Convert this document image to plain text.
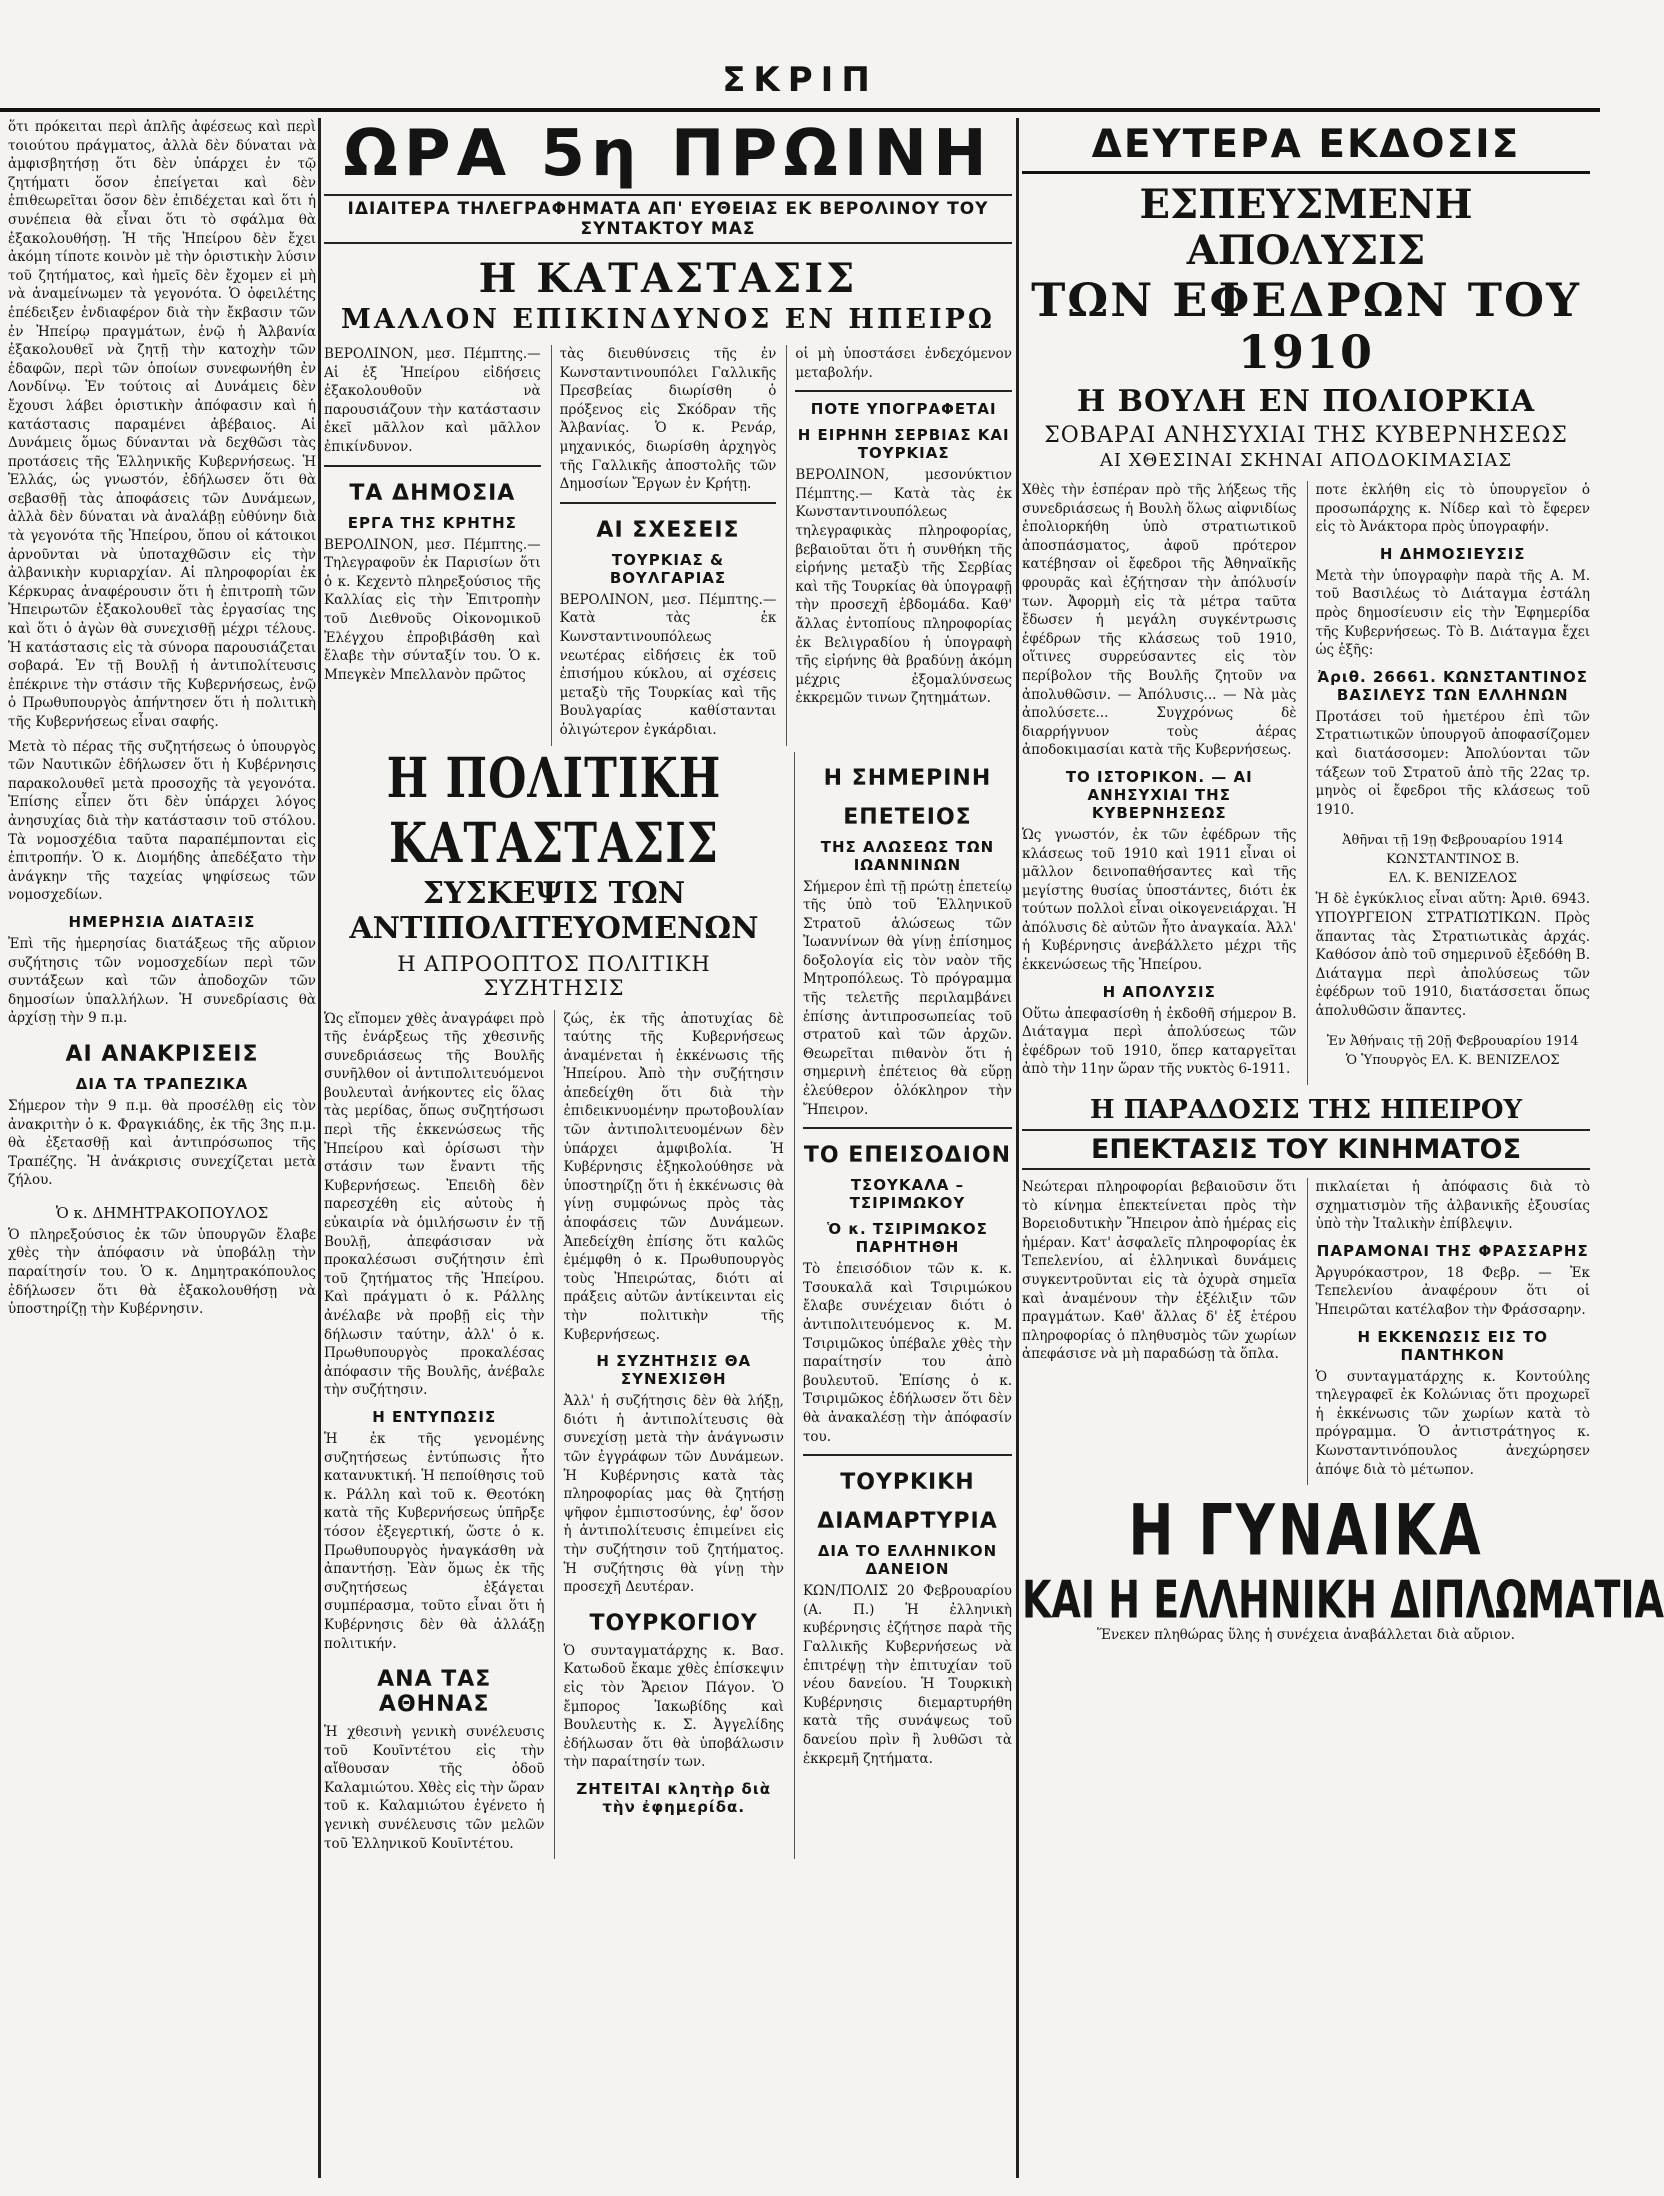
ΣΚΡΙΠ

ὅτι πρόκειται περὶ ἀπλῆς ἀφέσεως καὶ περὶ τοιούτου πράγματος, ἀλλὰ δὲν δύναται νὰ ἀμφισβητήσῃ ὅτι δὲν ὑπάρχει ἐν τῷ ζητήματι ὅσον ἐπείγεται καὶ δὲν ἐπιθεωρεῖται ὅσον δὲν ἐπιδέχεται καὶ ὅτι ἡ συνέπεια θὰ εἶναι ὅτι τὸ σφάλμα θὰ ἐξακολουθήσῃ. Ἡ τῆς Ἠπείρου δὲν ἔχει ἀκόμη τίποτε κοινὸν μὲ τὴν ὁριστικὴν λύσιν τοῦ ζητήματος, καὶ ἡμεῖς δὲν ἔχομεν εἰ μὴ νὰ ἀναμείνωμεν τὰ γεγονότα. Ὁ ὀφειλέτης ἐπέδειξεν ἐνδιαφέρον διὰ τὴν ἔκβασιν τῶν ἐν Ἠπείρῳ πραγμάτων, ἐνῷ ἡ Ἀλβανία ἐξακολουθεῖ νὰ ζητῇ τὴν κατοχὴν τῶν ἐδαφῶν, περὶ τῶν ὁποίων συνεφωνήθη ἐν Λονδίνῳ. Ἐν τούτοις αἱ Δυνάμεις δὲν ἔχουσι λάβει ὁριστικὴν ἀπόφασιν καὶ ἡ κατάστασις παραμένει ἀβέβαιος. Αἱ Δυνάμεις ὅμως δύνανται νὰ δεχθῶσι τὰς προτάσεις τῆς Ἑλληνικῆς Κυβερνήσεως. Ἡ Ἑλλάς, ὡς γνωστόν, ἐδήλωσεν ὅτι θὰ σεβασθῇ τὰς ἀποφάσεις τῶν Δυνάμεων, ἀλλὰ δὲν δύναται νὰ ἀναλάβῃ εὐθύνην διὰ τὰ γεγονότα τῆς Ἠπείρου, ὅπου οἱ κάτοικοι ἀρνοῦνται νὰ ὑποταχθῶσιν εἰς τὴν ἀλβανικὴν κυριαρχίαν. Αἱ πληροφορίαι ἐκ Κέρκυρας ἀναφέρουσιν ὅτι ἡ ἐπιτροπὴ τῶν Ἠπειρωτῶν ἐξακολουθεῖ τὰς ἐργασίας της καὶ ὅτι ὁ ἀγὼν θὰ συνεχισθῇ μέχρι τέλους. Ἡ κατάστασις εἰς τὰ σύνορα παρουσιάζεται σοβαρά. Ἐν τῇ Βουλῇ ἡ ἀντιπολίτευσις ἐπέκρινε τὴν στάσιν τῆς Κυβερνήσεως, ἐνῷ ὁ Πρωθυπουργὸς ἀπήντησεν ὅτι ἡ πολιτικὴ τῆς Κυβερνήσεως εἶναι σαφής.

Μετὰ τὸ πέρας τῆς συζητήσεως ὁ ὑπουργὸς τῶν Ναυτικῶν ἐδήλωσεν ὅτι ἡ Κυβέρνησις παρακολουθεῖ μετὰ προσοχῆς τὰ γεγονότα. Ἐπίσης εἶπεν ὅτι δὲν ὑπάρχει λόγος ἀνησυχίας διὰ τὴν κατάστασιν τοῦ στόλου. Τὰ νομοσχέδια ταῦτα παραπέμπονται εἰς ἐπιτροπήν. Ὁ κ. Διομήδης ἀπεδέξατο τὴν ἀνάγκην τῆς ταχείας ψηφίσεως τῶν νομοσχεδίων.

ΗΜΕΡΗΣΙΑ ΔΙΑΤΑΞΙΣ

Ἐπὶ τῆς ἡμερησίας διατάξεως τῆς αὔριον συζήτησις τῶν νομοσχεδίων περὶ τῶν συντάξεων καὶ τῶν ἀποδοχῶν τῶν δημοσίων ὑπαλλήλων. Ἡ συνεδρίασις θὰ ἀρχίσῃ τὴν 9 π.μ.

ΑΙ ΑΝΑΚΡΙΣΕΙΣ
ΔΙΑ ΤΑ ΤΡΑΠΕΖΙΚΑ

Σήμερον τὴν 9 π.μ. θὰ προσέλθῃ εἰς τὸν ἀνακριτὴν ὁ κ. Φραγκιάδης, ἐκ τῆς 3ης π.μ. θὰ ἐξετασθῇ καὶ ἀντιπρόσωπος τῆς Τραπέζης. Ἡ ἀνάκρισις συνεχίζεται μετὰ ζήλου.

Ὁ κ. ΔΗΜΗΤΡΑΚΟΠΟΥΛΟΣ

Ὁ πληρεξούσιος ἐκ τῶν ὑπουργῶν ἔλαβε χθὲς τὴν ἀπόφασιν νὰ ὑποβάλῃ τὴν παραίτησίν του. Ὁ κ. Δημητρακόπουλος ἐδήλωσεν ὅτι θὰ ἐξακολουθήσῃ νὰ ὑποστηρίζῃ τὴν Κυβέρνησιν.

ΩΡΑ 5η ΠΡΩΙΝΗ
ΙΔΙΑΙΤΕΡΑ ΤΗΛΕΓΡΑΦΗΜΑΤΑ ΑΠ' ΕΥΘΕΙΑΣ ΕΚ ΒΕΡΟΛΙΝΟΥ ΤΟΥ ΣΥΝΤΑΚΤΟΥ ΜΑΣ
Η ΚΑΤΑΣΤΑΣΙΣ
ΜΑΛΛΟΝ ΕΠΙΚΙΝΔΥΝΟΣ ΕΝ ΗΠΕΙΡΩ

ΒΕΡΟΛΙΝΟΝ, μεσ. Πέμπτης.— Αἱ ἐξ Ἠπείρου εἰδήσεις ἐξακολουθοῦν νὰ παρουσιάζουν τὴν κατάστασιν ἐκεῖ μᾶλλον καὶ μᾶλλον ἐπικίνδυνον.

ΤΑ ΔΗΜΟΣΙΑ
ΕΡΓΑ ΤΗΣ ΚΡΗΤΗΣ

ΒΕΡΟΛΙΝΟΝ, μεσ. Πέμπτης.— Τηλεγραφοῦν ἐκ Παρισίων ὅτι ὁ κ. Κεχεντὸ πληρεξούσιος τῆς Καλλίας εἰς τὴν Ἐπιτροπὴν τοῦ Διεθνοῦς Οἰκονομικοῦ Ἐλέγχου ἐπροβιβάσθη καὶ ἔλαβε τὴν σύνταξίν του. Ὁ κ. Μπεγκὲν Μπελλανὸν πρῶτος

τὰς διευθύνσεις τῆς ἐν Κωνσταντινουπόλει Γαλλικῆς Πρεσβείας διωρίσθη ὁ πρόξενος εἰς Σκόδραν τῆς Ἀλβανίας. Ὁ κ. Ρενάρ, μηχανικός, διωρίσθη ἀρχηγὸς τῆς Γαλλικῆς ἀποστολῆς τῶν Δημοσίων Ἔργων ἐν Κρήτῃ.

ΑΙ ΣΧΕΣΕΙΣ
ΤΟΥΡΚΙΑΣ & ΒΟΥΛΓΑΡΙΑΣ

ΒΕΡΟΛΙΝΟΝ, μεσ. Πέμπτης.— Κατὰ τὰς ἐκ Κωνσταντινουπόλεως νεωτέρας εἰδήσεις ἐκ τοῦ ἐπισήμου κύκλου, αἱ σχέσεις μεταξὺ τῆς Τουρκίας καὶ τῆς Βουλγαρίας καθίστανται ὁλιγώτερον ἐγκάρδιαι.

οἱ μὴ ὑποστάσει ἐνδεχόμενον μεταβολήν.

ΠΟΤΕ ΥΠΟΓΡΑΦΕΤΑΙ
Η ΕΙΡΗΝΗ ΣΕΡΒΙΑΣ ΚΑΙ ΤΟΥΡΚΙΑΣ

ΒΕΡΟΛΙΝΟΝ, μεσονύκτιον Πέμπτης.— Κατὰ τὰς ἐκ Κωνσταντινουπόλεως τηλεγραφικὰς πληροφορίας, βεβαιοῦται ὅτι ἡ συνθήκη τῆς εἰρήνης μεταξὺ τῆς Σερβίας καὶ τῆς Τουρκίας θὰ ὑπογραφῇ τὴν προσεχῆ ἑβδομάδα. Καθ' ἄλλας ἐντοπίους πληροφορίας ἐκ Βελιγραδίου ἡ ὑπογραφὴ τῆς εἰρήνης θὰ βραδύνῃ ἀκόμη μέχρις ἐξομαλύνσεως ἐκκρεμῶν τινων ζητημάτων.

Η ΠΟΛΙΤΙΚΗ ΚΑΤΑΣΤΑΣΙΣ
ΣΥΣΚΕΨΙΣ ΤΩΝ ΑΝΤΙΠΟΛΙΤΕΥΟΜΕΝΩΝ
Η ΑΠΡΟΟΠΤΟΣ ΠΟΛΙΤΙΚΗ ΣΥΖΗΤΗΣΙΣ

Ὡς εἴπομεν χθὲς ἀναγράφει πρὸ τῆς ἐνάρξεως τῆς χθεσινῆς συνεδριάσεως τῆς Βουλῆς συνῆλθον οἱ ἀντιπολιτευόμενοι βουλευταὶ ἀνήκοντες εἰς ὅλας τὰς μερίδας, ὅπως συζητήσωσι περὶ τῆς ἐκκενώσεως τῆς Ἠπείρου καὶ ὁρίσωσι τὴν στάσιν των ἔναντι τῆς Κυβερνήσεως. Ἐπειδὴ δὲν παρεσχέθη εἰς αὐτοὺς ἡ εὐκαιρία νὰ ὁμιλήσωσιν ἐν τῇ Βουλῇ, ἀπεφάσισαν νὰ προκαλέσωσι συζήτησιν ἐπὶ τοῦ ζητήματος τῆς Ἠπείρου. Καὶ πράγματι ὁ κ. Ράλλης ἀνέλαβε νὰ προβῇ εἰς τὴν δήλωσιν ταύτην, ἀλλ' ὁ κ. Πρωθυπουργὸς προκαλέσας ἀπόφασιν τῆς Βουλῆς, ἀνέβαλε τὴν συζήτησιν.

Η ΕΝΤΥΠΩΣΙΣ

Ἡ ἐκ τῆς γενομένης συζητήσεως ἐντύπωσις ἦτο κατανυκτική. Ἡ πεποίθησις τοῦ κ. Ράλλη καὶ τοῦ κ. Θεοτόκη κατὰ τῆς Κυβερνήσεως ὑπῆρξε τόσον ἐξεγερτική, ὥστε ὁ κ. Πρωθυπουργὸς ἠναγκάσθη νὰ ἀπαντήσῃ. Ἐὰν ὅμως ἐκ τῆς συζητήσεως ἐξάγεται συμπέρασμα, τοῦτο εἶναι ὅτι ἡ Κυβέρνησις δὲν θὰ ἀλλάξῃ πολιτικήν.

ΑΝΑ ΤΑΣ ΑΘΗΝΑΣ

Ἡ χθεσινὴ γενικὴ συνέλευσις τοῦ Κουῖντέτου εἰς τὴν αἴθουσαν τῆς ὁδοῦ Καλαμιώτου. Χθὲς εἰς τὴν ὥραν τοῦ κ. Καλαμιώτου ἐγένετο ἡ γενικὴ συνέλευσις τῶν μελῶν τοῦ Ἑλληνικοῦ Κουῖντέτου.

ζώς, ἐκ τῆς ἀποτυχίας δὲ ταύτης τῆς Κυβερνήσεως ἀναμένεται ἡ ἐκκένωσις τῆς Ἠπείρου. Ἀπὸ τὴν συζήτησιν ἀπεδείχθη ὅτι διὰ τὴν ἐπιδεικνυομένην πρωτοβουλίαν τῶν ἀντιπολιτευομένων δὲν ὑπάρχει ἀμφιβολία. Ἡ Κυβέρνησις ἐξηκολούθησε νὰ ὑποστηρίζῃ ὅτι ἡ ἐκκένωσις θὰ γίνῃ συμφώνως πρὸς τὰς ἀποφάσεις τῶν Δυνάμεων. Ἀπεδείχθη ἐπίσης ὅτι καλῶς ἐμέμφθη ὁ κ. Πρωθυπουργὸς τοὺς Ἠπειρώτας, διότι αἱ πράξεις αὐτῶν ἀντίκεινται εἰς τὴν πολιτικὴν τῆς Κυβερνήσεως.

Η ΣΥΖΗΤΗΣΙΣ ΘΑ ΣΥΝΕΧΙΣΘΗ

Ἀλλ' ἡ συζήτησις δὲν θὰ λήξῃ, διότι ἡ ἀντιπολίτευσις θὰ συνεχίσῃ μετὰ τὴν ἀνάγνωσιν τῶν ἐγγράφων τῶν Δυνάμεων. Ἡ Κυβέρνησις κατὰ τὰς πληροφορίας μας θὰ ζητήσῃ ψῆφον ἐμπιστοσύνης, ἐφ' ὅσον ἡ ἀντιπολίτευσις ἐπιμείνει εἰς τὴν συζήτησιν τοῦ ζητήματος. Ἡ συζήτησις θὰ γίνῃ τὴν προσεχῆ Δευτέραν.

ΤΟΥΡΚΟΓΙΟΥ

Ὁ συνταγματάρχης κ. Βασ. Κατωδοῦ ἔκαμε χθὲς ἐπίσκεψιν εἰς τὸν Ἄρειον Πάγον. Ὁ ἔμπορος Ἰακωβίδης καὶ Βουλευτὴς κ. Σ. Ἀγγελίδης ἐδήλωσαν ὅτι θὰ ὑποβάλωσιν τὴν παραίτησίν των.

ΖΗΤΕΙΤΑΙ κλητὴρ διὰ τὴν ἐφημερίδα.
Η ΣΗΜΕΡΙΝΗ
ΕΠΕΤΕΙΟΣ
ΤΗΣ ΑΛΩΣΕΩΣ ΤΩΝ ΙΩΑΝΝΙΝΩΝ

Σήμερον ἐπὶ τῇ πρώτῃ ἐπετείῳ τῆς ὑπὸ τοῦ Ἑλληνικοῦ Στρατοῦ ἁλώσεως τῶν Ἰωαννίνων θὰ γίνῃ ἐπίσημος δοξολογία εἰς τὸν ναὸν τῆς Μητροπόλεως. Τὸ πρόγραμμα τῆς τελετῆς περιλαμβάνει ἐπίσης ἀντιπροσωπείας τοῦ στρατοῦ καὶ τῶν ἀρχῶν. Θεωρεῖται πιθανὸν ὅτι ἡ σημερινὴ ἐπέτειος θὰ εὕρῃ ἐλεύθερον ὁλόκληρον τὴν Ἤπειρον.

ΤΟ ΕΠΕΙΣΟΔΙΟΝ
ΤΣΟΥΚΑΛΑ – ΤΣΙΡΙΜΩΚΟΥ
Ὁ κ. ΤΣΙΡΙΜΩΚΟΣ ΠΑΡΗΤΗΘΗ

Τὸ ἐπεισόδιον τῶν κ. κ. Τσουκαλᾶ καὶ Τσιριμώκου ἔλαβε συνέχειαν διότι ὁ ἀντιπολιτευόμενος κ. Μ. Τσιριμῶκος ὑπέβαλε χθὲς τὴν παραίτησίν του ἀπὸ βουλευτοῦ. Ἐπίσης ὁ κ. Τσιριμῶκος ἐδήλωσεν ὅτι δὲν θὰ ἀνακαλέσῃ τὴν ἀπόφασίν του.

ΤΟΥΡΚΙΚΗ
ΔΙΑΜΑΡΤΥΡΙΑ
ΔΙΑ ΤΟ ΕΛΛΗΝΙΚΟΝ ΔΑΝΕΙΟΝ

ΚΩΝ/ΠΟΛΙΣ 20 Φεβρουαρίου (Α. Π.) Ἡ ἐλληνικὴ κυβέρνησις ἐζήτησε παρὰ τῆς Γαλλικῆς Κυβερνήσεως νὰ ἐπιτρέψῃ τὴν ἐπιτυχίαν τοῦ νέου δανείου. Ἡ Τουρκικὴ Κυβέρνησις διεμαρτυρήθη κατὰ τῆς συνάψεως τοῦ δανείου πρὶν ἢ λυθῶσι τὰ ἐκκρεμῆ ζητήματα.

ΔΕΥΤΕΡΑ ΕΚΔΟΣΙΣ
ΕΣΠΕΥΣΜΕΝΗ ΑΠΟΛΥΣΙΣ
ΤΩΝ ΕΦΕΔΡΩΝ ΤΟΥ 1910
Η ΒΟΥΛΗ ΕΝ ΠΟΛΙΟΡΚΙΑ
ΣΟΒΑΡΑΙ ΑΝΗΣΥΧΙΑΙ ΤΗΣ ΚΥΒΕΡΝΗΣΕΩΣ
ΑΙ ΧΘΕΣΙΝΑΙ ΣΚΗΝΑΙ ΑΠΟΔΟΚΙΜΑΣΙΑΣ

Χθὲς τὴν ἑσπέραν πρὸ τῆς λήξεως τῆς συνεδριάσεως ἡ Βουλὴ ὅλως αἰφνιδίως ἐπολιορκήθη ὑπὸ στρατιωτικοῦ ἀποσπάσματος, ἀφοῦ πρότερον κατέβησαν οἱ ἔφεδροι τῆς Ἀθηναϊκῆς φρουρᾶς καὶ ἐζήτησαν τὴν ἀπόλυσίν των. Ἀφορμὴ εἰς τὰ μέτρα ταῦτα ἔδωσεν ἡ μεγάλη συγκέντρωσις ἐφέδρων τῆς κλάσεως τοῦ 1910, οἵτινες συρρεύσαντες εἰς τὸν περίβολον τῆς Βουλῆς ζητοῦν να ἀπολυθῶσιν. — Ἀπόλυσις... — Νὰ μὰς ἀπολύσετε... Συγχρόνως δὲ διαρρήγνυον τοὺς ἀέρας ἀποδοκιμασίαι κατὰ τῆς Κυβερνήσεως.

ΤΟ ΙΣΤΟΡΙΚΟΝ. — ΑΙ ΑΝΗΣΥΧΙΑΙ ΤΗΣ ΚΥΒΕΡΝΗΣΕΩΣ

Ὡς γνωστόν, ἐκ τῶν ἐφέδρων τῆς κλάσεως τοῦ 1910 καὶ 1911 εἶναι οἱ μᾶλλον δεινοπαθήσαντες καὶ τῆς μεγίστης θυσίας ὑποστάντες, διότι ἐκ τούτων πολλοὶ εἶναι οἰκογενειάρχαι. Ἡ ἀπόλυσις δὲ αὐτῶν ἦτο ἀναγκαία. Ἀλλ' ἡ Κυβέρνησις ἀνεβάλλετο μέχρι τῆς ἐκκενώσεως τῆς Ἠπείρου.

Η ΑΠΟΛΥΣΙΣ

Οὕτω ἀπεφασίσθη ἡ ἐκδοθῆ σήμερον Β. Διάταγμα περὶ ἀπολύσεως τῶν ἐφέδρων τοῦ 1910, ὅπερ καταργεῖται ἀπὸ τὴν 11ην ὥραν τῆς νυκτὸς 6-1911.

ποτε ἐκλήθη εἰς τὸ ὑπουργεῖον ὁ προσωπάρχης κ. Νίδερ καὶ τὸ ἔφερεν εἰς τὸ Ἀνάκτορα πρὸς ὑπογραφήν.

Η ΔΗΜΟΣΙΕΥΣΙΣ

Μετὰ τὴν ὑπογραφὴν παρὰ τῆς Α. Μ. τοῦ Βασιλέως τὸ Διάταγμα ἐστάλη πρὸς δημοσίευσιν εἰς τὴν Ἐφημερίδα τῆς Κυβερνήσεως. Τὸ Β. Διάταγμα ἔχει ὡς ἑξῆς:

Ἀριθ. 26661. ΚΩΝΣΤΑΝΤΙΝΟΣ ΒΑΣΙΛΕΥΣ ΤΩΝ ΕΛΛΗΝΩΝ

Προτάσει τοῦ ἡμετέρου ἐπὶ τῶν Στρατιωτικῶν ὑπουργοῦ ἀποφασίζομεν καὶ διατάσσομεν: Ἀπολύονται τῶν τάξεων τοῦ Στρατοῦ ἀπὸ τῆς 22ας τρ. μηνὸς οἱ ἔφεδροι τῆς κλάσεως τοῦ 1910.

Ἀθῆναι τῇ 19ῃ Φεβρουαρίου 1914
ΚΩΝΣΤΑΝΤΙΝΟΣ Β.
ΕΛ. Κ. ΒΕΝΙΖΕΛΟΣ

Ἡ δὲ ἐγκύκλιος εἶναι αὕτη: Ἀριθ. 6943. ΥΠΟΥΡΓΕΙΟΝ ΣΤΡΑΤΙΩΤΙΚΩΝ. Πρὸς ἅπαντας τὰς Στρατιωτικὰς ἀρχάς. Καθόσον ἀπὸ τοῦ σημερινοῦ ἐξεδόθη Β. Διάταγμα περὶ ἀπολύσεως τῶν ἐφέδρων τοῦ 1910, διατάσσεται ὅπως ἀπολυθῶσιν ἅπαντες.

Ἐν Ἀθήναις τῇ 20ῇ Φεβρουαρίου 1914
Ὁ Ὑπουργὸς ΕΛ. Κ. ΒΕΝΙΖΕΛΟΣ
Η ΠΑΡΑΔΟΣΙΣ ΤΗΣ ΗΠΕΙΡΟΥ
ΕΠΕΚΤΑΣΙΣ ΤΟΥ ΚΙΝΗΜΑΤΟΣ

Νεώτεραι πληροφορίαι βεβαιοῦσιν ὅτι τὸ κίνημα ἐπεκτείνεται πρὸς τὴν Βορειοδυτικὴν Ἤπειρον ἀπὸ ἡμέρας εἰς ἡμέραν. Κατ' ἀσφαλεῖς πληροφορίας ἐκ Τεπελενίου, αἱ ἑλληνικαὶ δυνάμεις συγκεντροῦνται εἰς τὰ ὀχυρὰ σημεῖα καὶ ἀναμένουν τὴν ἐξέλιξιν τῶν πραγμάτων. Καθ' ἄλλας δ' ἐξ ἑτέρου πληροφορίας ὁ πληθυσμὸς τῶν χωρίων ἀπεφάσισε νὰ μὴ παραδώσῃ τὰ ὅπλα.

πικλαίεται ἡ ἀπόφασις διὰ τὸ σχηματισμὸν τῆς ἀλβανικῆς ἐξουσίας ὑπὸ τὴν Ἰταλικὴν ἐπίβλεψιν.

ΠΑΡΑΜΟΝΑΙ ΤΗΣ ΦΡΑΣΣΑΡΗΣ

Ἀργυρόκαστρον, 18 Φεβρ. — Ἐκ Τεπελενίου ἀναφέρουν ὅτι οἱ Ἠπειρῶται κατέλαβον τὴν Φράσσαρην.

Η ΕΚΚΕΝΩΣΙΣ ΕΙΣ ΤΟ ΠΑΝΤΗΚΟΝ

Ὁ συνταγματάρχης κ. Κοντούλης τηλεγραφεῖ ἐκ Κολώνιας ὅτι προχωρεῖ ἡ ἐκκένωσις τῶν χωρίων κατὰ τὸ πρόγραμμα. Ὁ ἀντιστράτηγος κ. Κωνσταντινόπουλος ἀνεχώρησεν ἀπόψε διὰ τὸ μέτωπον.

Η ΓΥΝΑΙΚΑ
ΚΑΙ Η ΕΛΛΗΝΙΚΗ ΔΙΠΛΩΜΑΤΙΑ

Ἕνεκεν πληθώρας ὕλης ἡ συνέχεια ἀναβάλλεται διὰ αὔριον.
